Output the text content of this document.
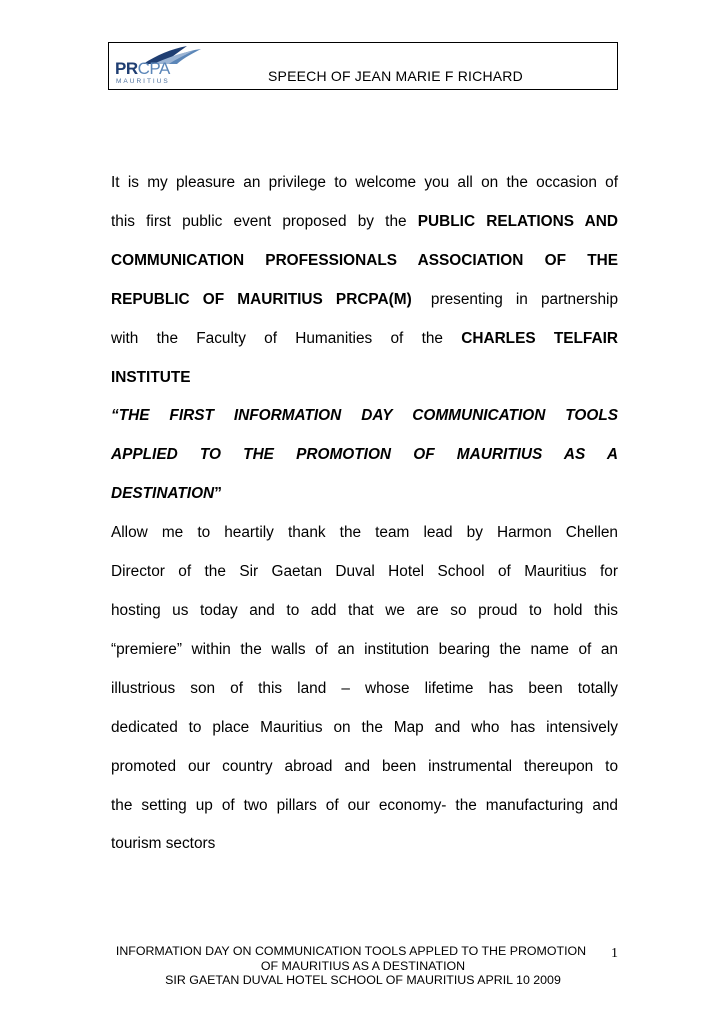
PRCPA
MAURITIUS	SPEECH OF JEAN MARIE F RICHARD

It is my pleasure an privilege to welcome you all on the occasion of
this first public event proposed by the PUBLIC RELATIONS AND
COMMUNICATION PROFESSIONALS ASSOCIATION OF THE
REPUBLIC OF MAURITIUS PRCPA(M) presenting in partnership
with the Faculty of Humanities of the CHARLES TELFAIR
INSTITUTE

“THE FIRST INFORMATION DAY COMMUNICATION TOOLS
APPLIED TO THE PROMOTION OF MAURITIUS AS A
DESTINATION”

Allow me to heartily thank the team lead by Harmon Chellen
Director of the Sir Gaetan Duval Hotel School of Mauritius for
hosting us today and to add that we are so proud to hold this
“premiere” within the walls of an institution bearing the name of an
illustrious son of this land – whose lifetime has been totally
dedicated to place Mauritius on the Map and who has intensively
promoted our country abroad and been instrumental thereupon to
the setting up of two pillars of our economy- the manufacturing and
tourism sectors

INFORMATION DAY ON COMMUNICATION TOOLS APPLED TO THE PROMOTION
OF MAURITIUS AS A DESTINATION
SIR GAETAN DUVAL HOTEL SCHOOL OF MAURITIUS APRIL 10 2009
1
